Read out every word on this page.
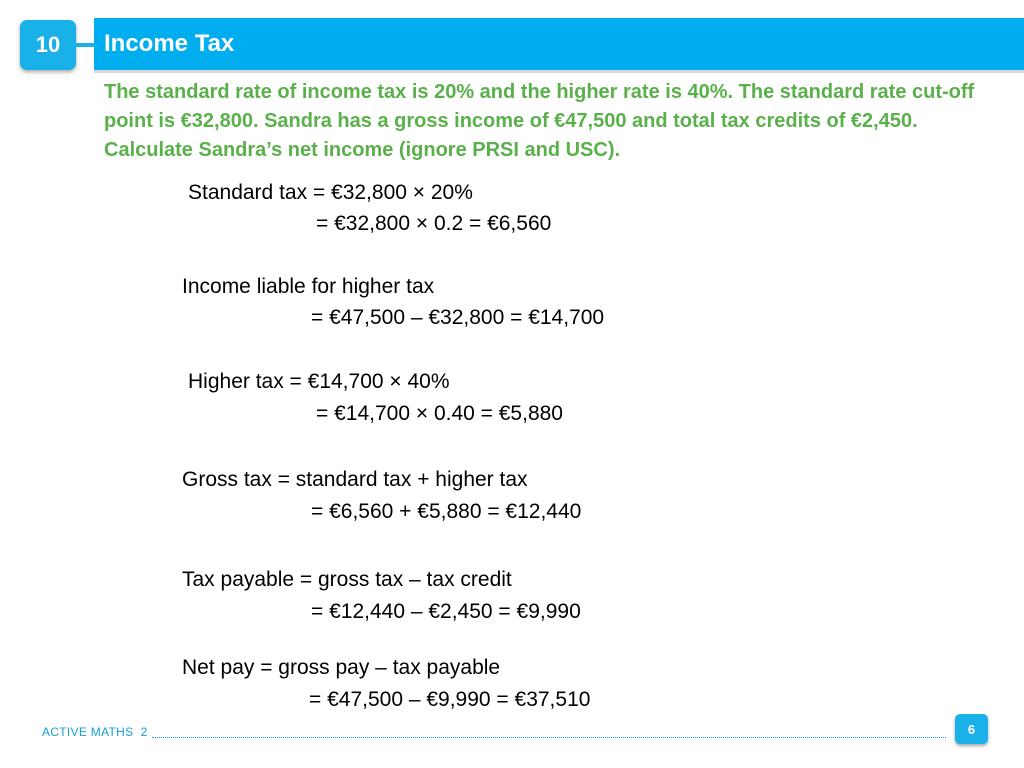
10	Income Tax

The standard rate of income tax is 20% and the higher rate is 40%. The standard rate cut-off point is €32,800. Sandra has a gross income of €47,500 and total tax credits of €2,450. Calculate Sandra’s net income (ignore PRSI and USC).

Standard tax = €32,800 × 20%
= €32,800 × 0.2 = €6,560
Income liable for higher tax
= €47,500 – €32,800 = €14,700
Higher tax = €14,700 × 40%
= €14,700 × 0.40 = €5,880
Gross tax = standard tax + higher tax
= €6,560 + €5,880 = €12,440
Tax payable = gross tax – tax credit
= €12,440 – €2,450 = €9,990
Net pay = gross pay – tax payable
= €47,500 – €9,990 = €37,510
ACTIVE MATHS  2	6
